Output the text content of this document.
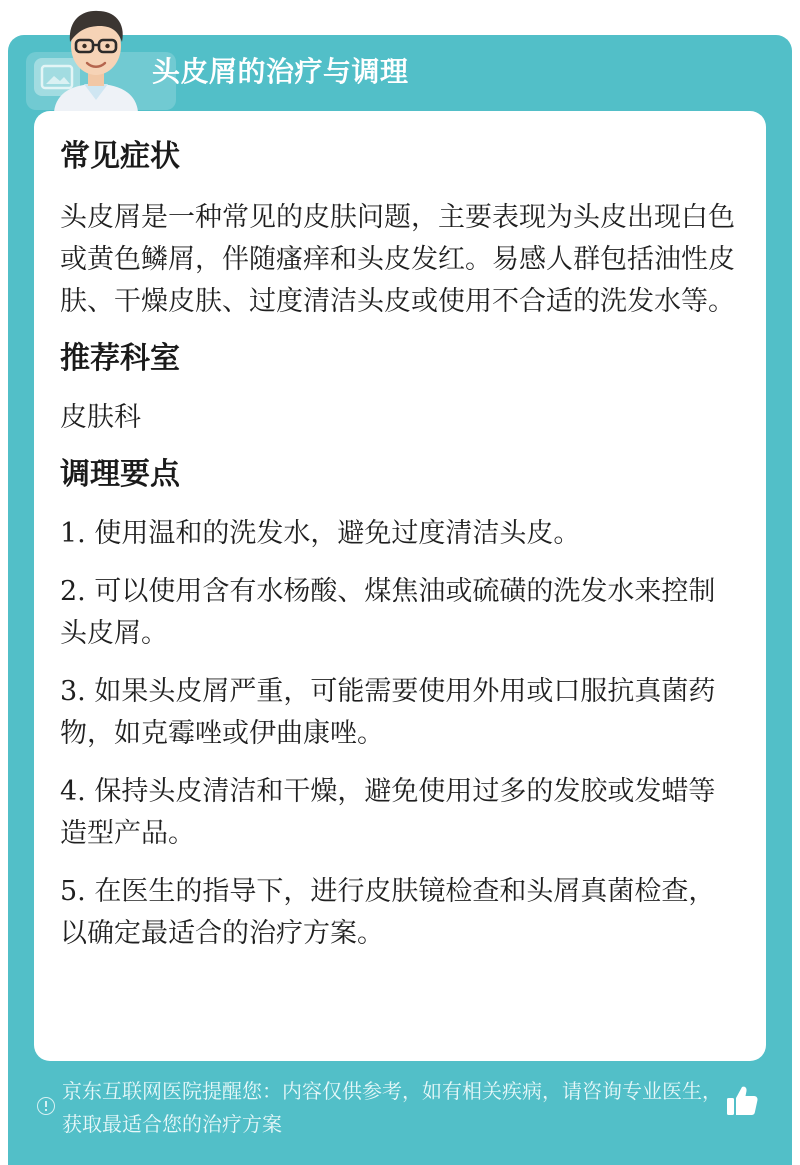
头皮屑的治疗与调理
常见症状
头皮屑是一种常见的皮肤问题，主要表现为头皮出现白色或黄色鳞屑，伴随瘙痒和头皮发红。易感人群包括油性皮肤、干燥皮肤、过度清洁头皮或使用不合适的洗发水等。
推荐科室
皮肤科
调理要点
1. 使用温和的洗发水，避免过度清洁头皮。
2. 可以使用含有水杨酸、煤焦油或硫磺的洗发水来控制头皮屑。
3. 如果头皮屑严重，可能需要使用外用或口服抗真菌药物，如克霉唑或伊曲康唑。
4. 保持头皮清洁和干燥，避免使用过多的发胶或发蜡等造型产品。
5. 在医生的指导下，进行皮肤镜检查和头屑真菌检查，以确定最适合的治疗方案。
京东互联网医院提醒您：内容仅供参考，如有相关疾病，请咨询专业医生，获取最适合您的治疗方案
